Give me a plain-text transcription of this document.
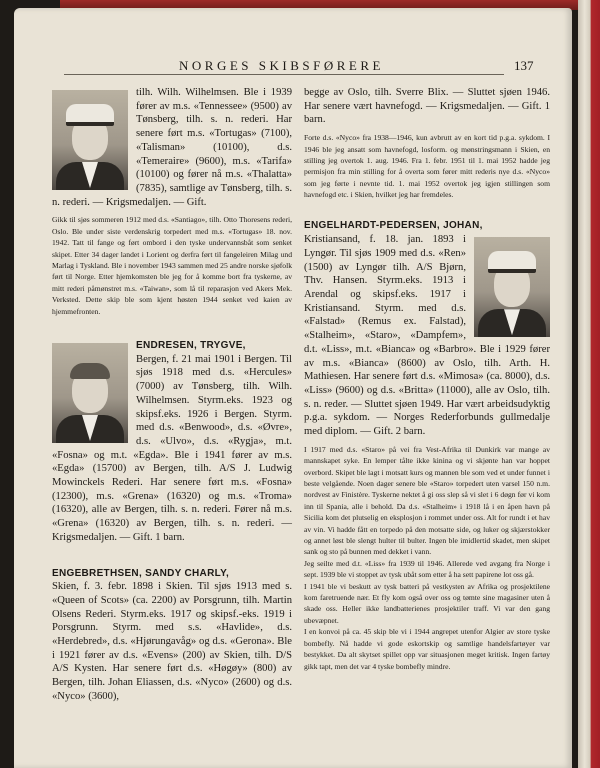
NORGES SKIBSFØRERE	137

tilh. Wilh. Wilhelmsen. Ble i 1939 fører av m.s. «Tennessee» (9500) av Tønsberg, tilh. s. n. rederi. Har senere ført m.s. «Tortugas» (7100), «Talisman» (10100), d.s. «Temeraire» (9600), m.s. «Tarifa» (10100) og fører nå m.s. «Thalatta» (7835), samtlige av Tønsberg, tilh. s. n. rederi. — Krigsmedaljen. — Gift.

Gikk til sjøs sommeren 1912 med d.s. «Santiago», tilh. Otto Thoresens rederi, Oslo. Ble under siste verdenskrig torpedert med m.s. «Tortugas» 18. nov. 1942. Tatt til fange og ført ombord i den tyske undervannsbåt som senket skipet. Etter 34 dager landet i Lorient og derfra ført til fangeleiren Milag und Marlag i Tyskland. Ble i november 1943 sammen med 25 andre norske sjøfolk ført til Norge. Etter hjemkomsten ble jeg for å komme bort fra tyskerne, av mitt rederi påmønstret m.s. «Taiwan», som lå til reparasjon ved Akers Mek. Verksted. Dette skip ble som kjent høsten 1944 senket ved kaien av hjemmefronten.

ENDRESEN, TRYGVE,
Bergen, f. 21 mai 1901 i Bergen. Til sjøs 1918 med d.s. «Hercules» (7000) av Tønsberg, tilh. Wilh. Wilhelmsen. Styrm.eks. 1923 og skipsf.eks. 1926 i Bergen. Styrm. med d.s. «Benwood», d.s. «Øvre», d.s. «Ulvo», d.s. «Rygja», m.t. «Fosna» og m.t. «Egda». Ble i 1941 fører av m.s. «Egda» (15700) av Bergen, tilh. A/S J. Ludwig Mowinckels Rederi. Har senere ført m.s. «Fosna» (12300), m.s. «Grena» (16320) og m.s. «Troma» (16320), alle av Bergen, tilh. s. n. rederi. Fører nå m.s. «Grena» (16320) av Bergen, tilh. s. n. rederi. — Krigsmedaljen. — Gift. 1 barn.

ENGEBRETHSEN, SANDY CHARLY,
Skien, f. 3. febr. 1898 i Skien. Til sjøs 1913 med s. «Queen of Scots» (ca. 2200) av Porsgrunn, tilh. Martin Olsens Rederi. Styrm.eks. 1917 og skipsf.-eks. 1919 i Porsgrunn. Styrm. med s.s. «Havlide», d.s. «Herdebred», d.s. «Hjørungavåg» og d.s. «Gerona». Ble i 1921 fører av d.s. «Evens» (200) av Skien, tilh. D/S A/S Kysten. Har senere ført d.s. «Høgøy» (800) av Bergen, tilh. Johan Eliassen, d.s. «Nyco» (2600) og d.s. «Nyco» (3600),

begge av Oslo, tilh. Sverre Blix. — Sluttet sjøen 1946. Har senere vært havnefogd. — Krigsmedaljen. — Gift. 1 barn.

Forte d.s. «Nyco» fra 1938—1946, kun avbrutt av en kort tid p.g.a. sykdom. I 1946 ble jeg ansatt som havnefogd, losform. og mønstringsmann i Skien, en stilling jeg overtok 1. aug. 1946. Fra 1. febr. 1951 til 1. mai 1952 hadde jeg permisjon fra min stilling for å overta som fører mitt rederis nye d.s. «Nyco» som jeg førte i nevnte tid. 1. mai 1952 overtok jeg igjen stillingen som havnefogd etc. i Skien, hvilket jeg har fremdeles.

ENGELHARDT-PEDERSEN, JOHAN,

Kristiansand, f. 18. jan. 1893 i Lyngør. Til sjøs 1909 med d.s. «Ren» (1500) av Lyngør tilh. A/S Bjørn, Thv. Hansen. Styrm.eks. 1913 i Arendal og skipsf.eks. 1917 i Kristiansand. Styrm. med d.s. «Falstad» (Remus ex. Falstad), «Stalheim», «Staro», «Dampfem», d.t. «Liss», m.t. «Bianca» og «Barbro». Ble i 1929 fører av m.s. «Bianca» (8600) av Oslo, tilh. Arth. H. Mathiesen. Har senere ført d.s. «Mimosa» (ca. 8000), d.s. «Liss» (9600) og d.s. «Britta» (11000), alle av Oslo, tilh. s. n. reder. — Sluttet sjøen 1949. Har vært arbeidsudyktig p.g.a. sykdom. — Norges Rederforbunds gullmedalje med diplom. — Gift. 2 barn.

I 1917 med d.s. «Staro» på vei fra Vest-Afrika til Dunkirk var mange av mannskapet syke. En lemper tålte ikke kinina og vi skjønte han var hoppet overbord. Skipet ble lagt i motsatt kurs og mannen ble som ved et under funnet i beste velgående. Noen dager senere ble «Staro» torpedert uten varsel 150 n.m. nordvest av Finistère. Tyskerne nektet å gi oss slep så vi slet i 6 døgn før vi kom inn til Spania, alle i behold. Da d.s. «Stalheim» i 1918 lå i en åpen havn på Sicilia kom det plutselig en eksplosjon i rommet under oss. Alt for rundt i et hav av vin. Vi hadde fått en torpedo på den motsatte side, og luker og skjærstokker og annet løst ble slengt hulter til bulter. Ingen ble imidlertid skadet, men skipet sank og sto på bunnen med dekket i vann.
Jeg seilte med d.t. «Liss» fra 1939 til 1946. Allerede ved avgang fra Norge i sept. 1939 ble vi stoppet av tysk ubåt som etter å ha sett papirene lot oss gå.
I 1941 ble vi beskutt av tysk batteri på vestkysten av Afrika og prosjektilene kom faretruende nær. Et fly kom også over oss og tømte sine magasiner uten å skade oss. Heller ikke landbatterienes prosjektiler traff. Vi var den gang ubevæpnet.
I en konvoi på ca. 45 skip ble vi i 1944 angrepet utenfor Algier av store tyske bombefly. Nå hadde vi gode eskortskip og samtlige handelsfartøyer var bestykket. Da alt skytset spillet opp var situasjonen meget kritisk. Ingen fartøy gikk tapt, men det var 4 tyske bombefly mindre.
